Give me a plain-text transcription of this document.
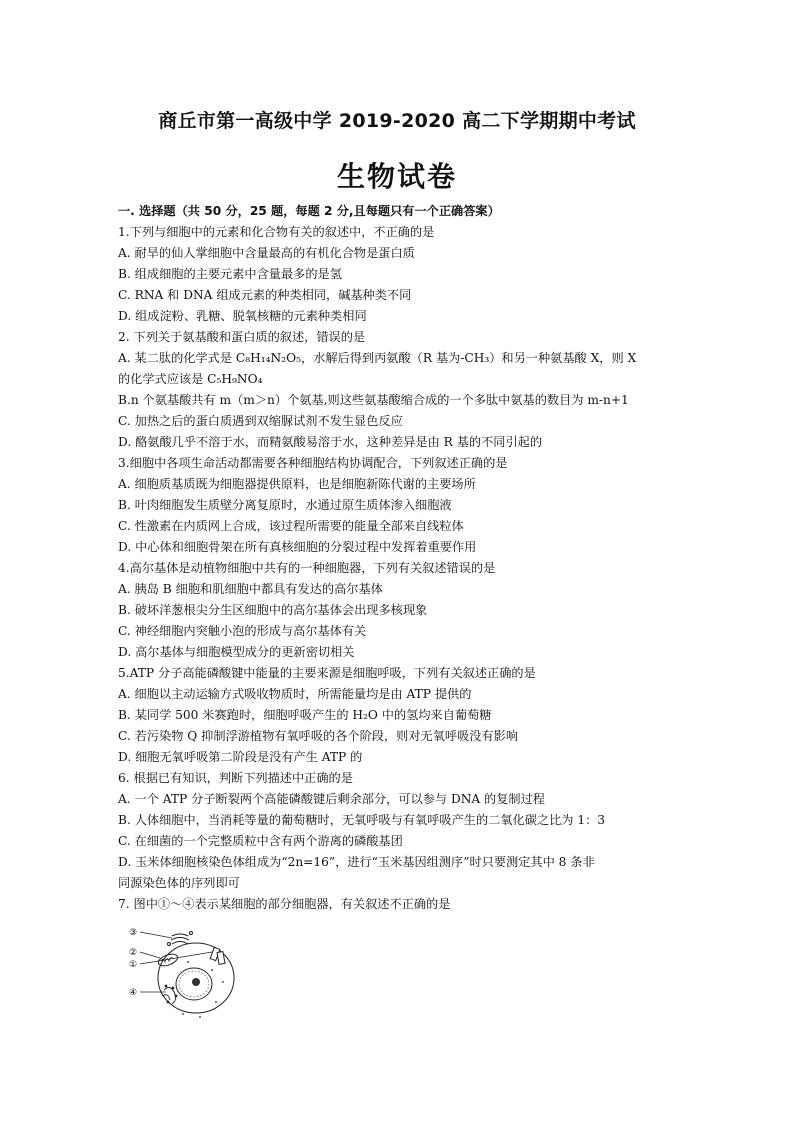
商丘市第一高级中学 2019-2020 高二下学期期中考试
生物试卷
一. 选择题（共 50 分，25 题，每题 2 分,且每题只有一个正确答案）
1.下列与细胞中的元素和化合物有关的叙述中，不正确的是
A. 耐旱的仙人掌细胞中含量最高的有机化合物是蛋白质
B. 组成细胞的主要元素中含量最多的是氢
C. RNA 和 DNA 组成元素的种类相同，碱基种类不同
D. 组成淀粉、乳糖、脱氧核糖的元素种类相同
2. 下列关于氨基酸和蛋白质的叙述，错误的是
A. 某二肽的化学式是 C₈H₁₄N₂O₅，水解后得到丙氨酸（R 基为-CH₃）和另一种氨基酸 X，则 X
的化学式应该是 C₅H₉NO₄
B.n 个氨基酸共有 m（m＞n）个氨基,则这些氨基酸缩合成的一个多肽中氨基的数目为 m-n+1
C. 加热之后的蛋白质遇到双缩脲试剂不发生显色反应
D. 酪氨酸几乎不溶于水，而精氨酸易溶于水，这种差异是由 R 基的不同引起的
3.细胞中各项生命活动都需要各种细胞结构协调配合，下列叙述正确的是
A. 细胞质基质既为细胞器提供原料，也是细胞新陈代谢的主要场所
B. 叶肉细胞发生质壁分离复原时，水通过原生质体渗入细胞液
C. 性激素在内质网上合成，该过程所需要的能量全部来自线粒体
D. 中心体和细胞骨架在所有真核细胞的分裂过程中发挥着重要作用
4.高尔基体是动植物细胞中共有的一种细胞器，下列有关叙述错误的是
A. 胰岛 B 细胞和肌细胞中都具有发达的高尔基体
B. 破坏洋葱根尖分生区细胞中的高尔基体会出现多核现象
C. 神经细胞内突触小泡的形成与高尔基体有关
D. 高尔基体与细胞模型成分的更新密切相关
5.ATP 分子高能磷酸键中能量的主要来源是细胞呼吸，下列有关叙述正确的是
A. 细胞以主动运输方式吸收物质时，所需能量均是由 ATP 提供的
B. 某同学 500 米赛跑时，细胞呼吸产生的 H₂O 中的氢均来自葡萄糖
C. 若污染物 Q 抑制浮游植物有氧呼吸的各个阶段，则对无氧呼吸没有影响
D. 细胞无氧呼吸第二阶段是没有产生 ATP 的
6. 根据已有知识，判断下列描述中正确的是
A. 一个 ATP 分子断裂两个高能磷酸键后剩余部分，可以参与 DNA 的复制过程
B. 人体细胞中，当消耗等量的葡萄糖时，无氧呼吸与有氧呼吸产生的二氧化碳之比为 1：3
C. 在细菌的一个完整质粒中含有两个游离的磷酸基团
D. 玉米体细胞核染色体组成为“2n=16”，进行“玉米基因组测序”时只要测定其中 8 条非
同源染色体的序列即可
7. 图中①～④表示某细胞的部分细胞器，有关叙述不正确的是
③
②
①
④
